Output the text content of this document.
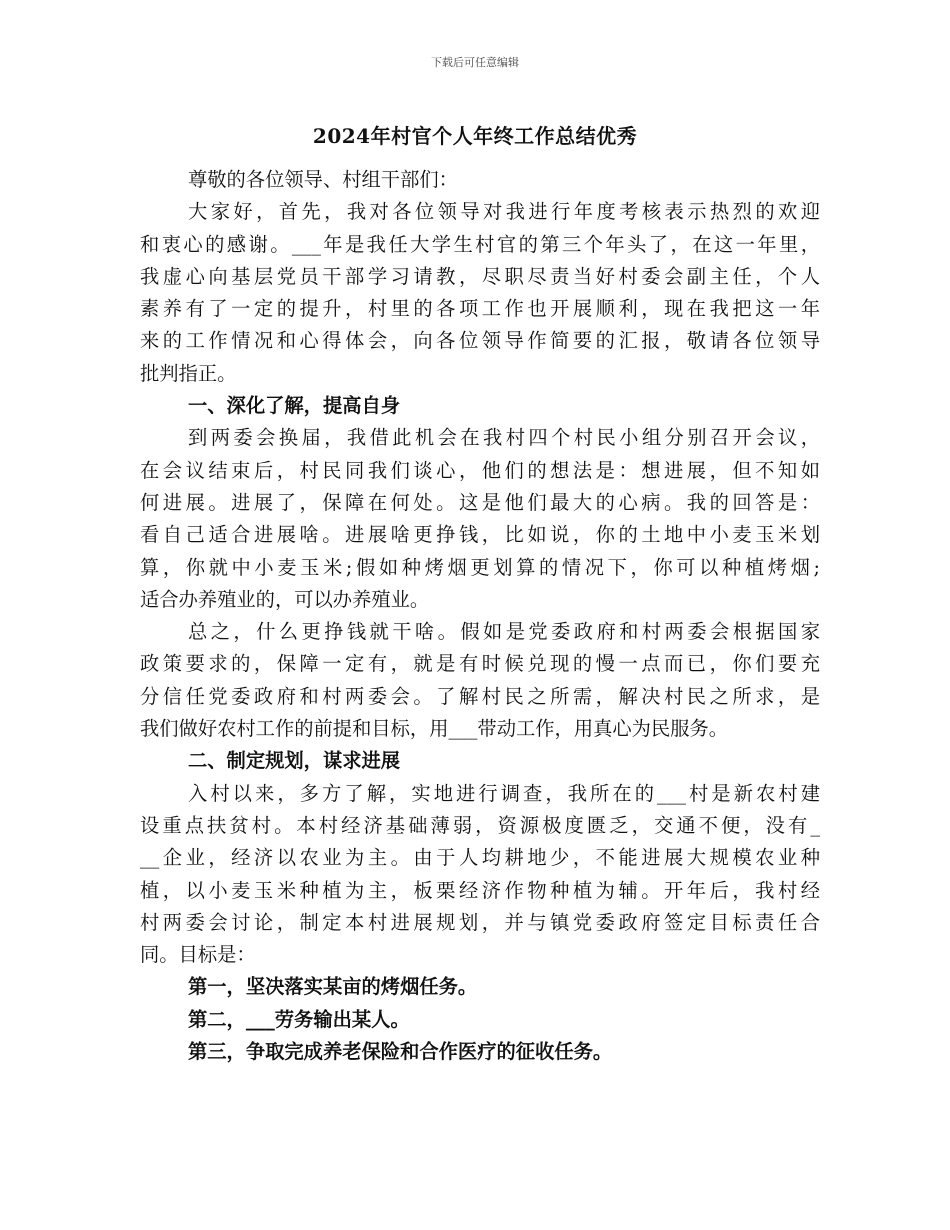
下载后可任意编辑
2024年村官个人年终工作总结优秀
尊敬的各位领导、村组干部们：
大家好，首先，我对各位领导对我进行年度考核表示热烈的欢迎
和衷心的感谢。___年是我任大学生村官的第三个年头了，在这一年里，
我虚心向基层党员干部学习请教，尽职尽责当好村委会副主任，个人
素养有了一定的提升，村里的各项工作也开展顺利，现在我把这一年
来的工作情况和心得体会，向各位领导作简要的汇报，敬请各位领导
批判指正。
一、深化了解，提高自身
到两委会换届，我借此机会在我村四个村民小组分别召开会议，
在会议结束后，村民同我们谈心，他们的想法是：想进展，但不知如
何进展。进展了，保障在何处。这是他们最大的心病。我的回答是：
看自己适合进展啥。进展啥更挣钱，比如说，你的土地中小麦玉米划
算，你就中小麦玉米;假如种烤烟更划算的情况下，你可以种植烤烟;
适合办养殖业的，可以办养殖业。
总之，什么更挣钱就干啥。假如是党委政府和村两委会根据国家
政策要求的，保障一定有，就是有时候兑现的慢一点而已，你们要充
分信任党委政府和村两委会。了解村民之所需，解决村民之所求，是
我们做好农村工作的前提和目标，用___带动工作，用真心为民服务。
二、制定规划，谋求进展
入村以来，多方了解，实地进行调查，我所在的___村是新农村建
设重点扶贫村。本村经济基础薄弱，资源极度匮乏，交通不便，没有_
__企业，经济以农业为主。由于人均耕地少，不能进展大规模农业种
植，以小麦玉米种植为主，板栗经济作物种植为辅。开年后，我村经
村两委会讨论，制定本村进展规划，并与镇党委政府签定目标责任合
同。目标是：
第一，坚决落实某亩的烤烟任务。
第二，___劳务输出某人。
第三，争取完成养老保险和合作医疗的征收任务。
